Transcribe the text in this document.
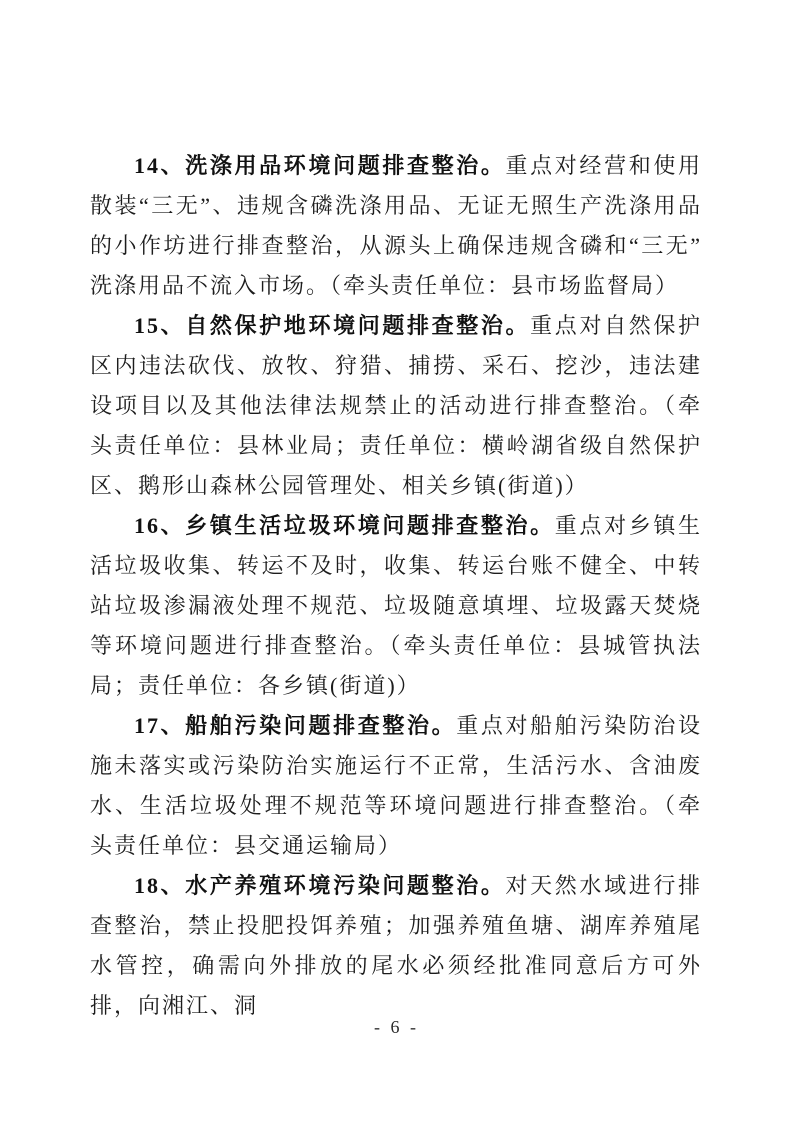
14、洗涤用品环境问题排查整治。重点对经营和使用散装“三无”、违规含磷洗涤用品、无证无照生产洗涤用品的小作坊进行排查整治，从源头上确保违规含磷和“三无”洗涤用品不流入市场。（牵头责任单位：县市场监督局）

15、自然保护地环境问题排查整治。重点对自然保护区内违法砍伐、放牧、狩猎、捕捞、采石、挖沙，违法建设项目以及其他法律法规禁止的活动进行排查整治。（牵头责任单位：县林业局；责任单位：横岭湖省级自然保护区、鹅形山森林公园管理处、相关乡镇(街道)）

16、乡镇生活垃圾环境问题排查整治。重点对乡镇生活垃圾收集、转运不及时，收集、转运台账不健全、中转站垃圾渗漏液处理不规范、垃圾随意填埋、垃圾露天焚烧等环境问题进行排查整治。（牵头责任单位：县城管执法局；责任单位：各乡镇(街道)）

17、船舶污染问题排查整治。重点对船舶污染防治设施未落实或污染防治实施运行不正常，生活污水、含油废水、生活垃圾处理不规范等环境问题进行排查整治。（牵头责任单位：县交通运输局）

18、水产养殖环境污染问题整治。对天然水域进行排查整治，禁止投肥投饵养殖；加强养殖鱼塘、湖库养殖尾水管控，确需向外排放的尾水必须经批准同意后方可外排，向湘江、洞

- 6 -
